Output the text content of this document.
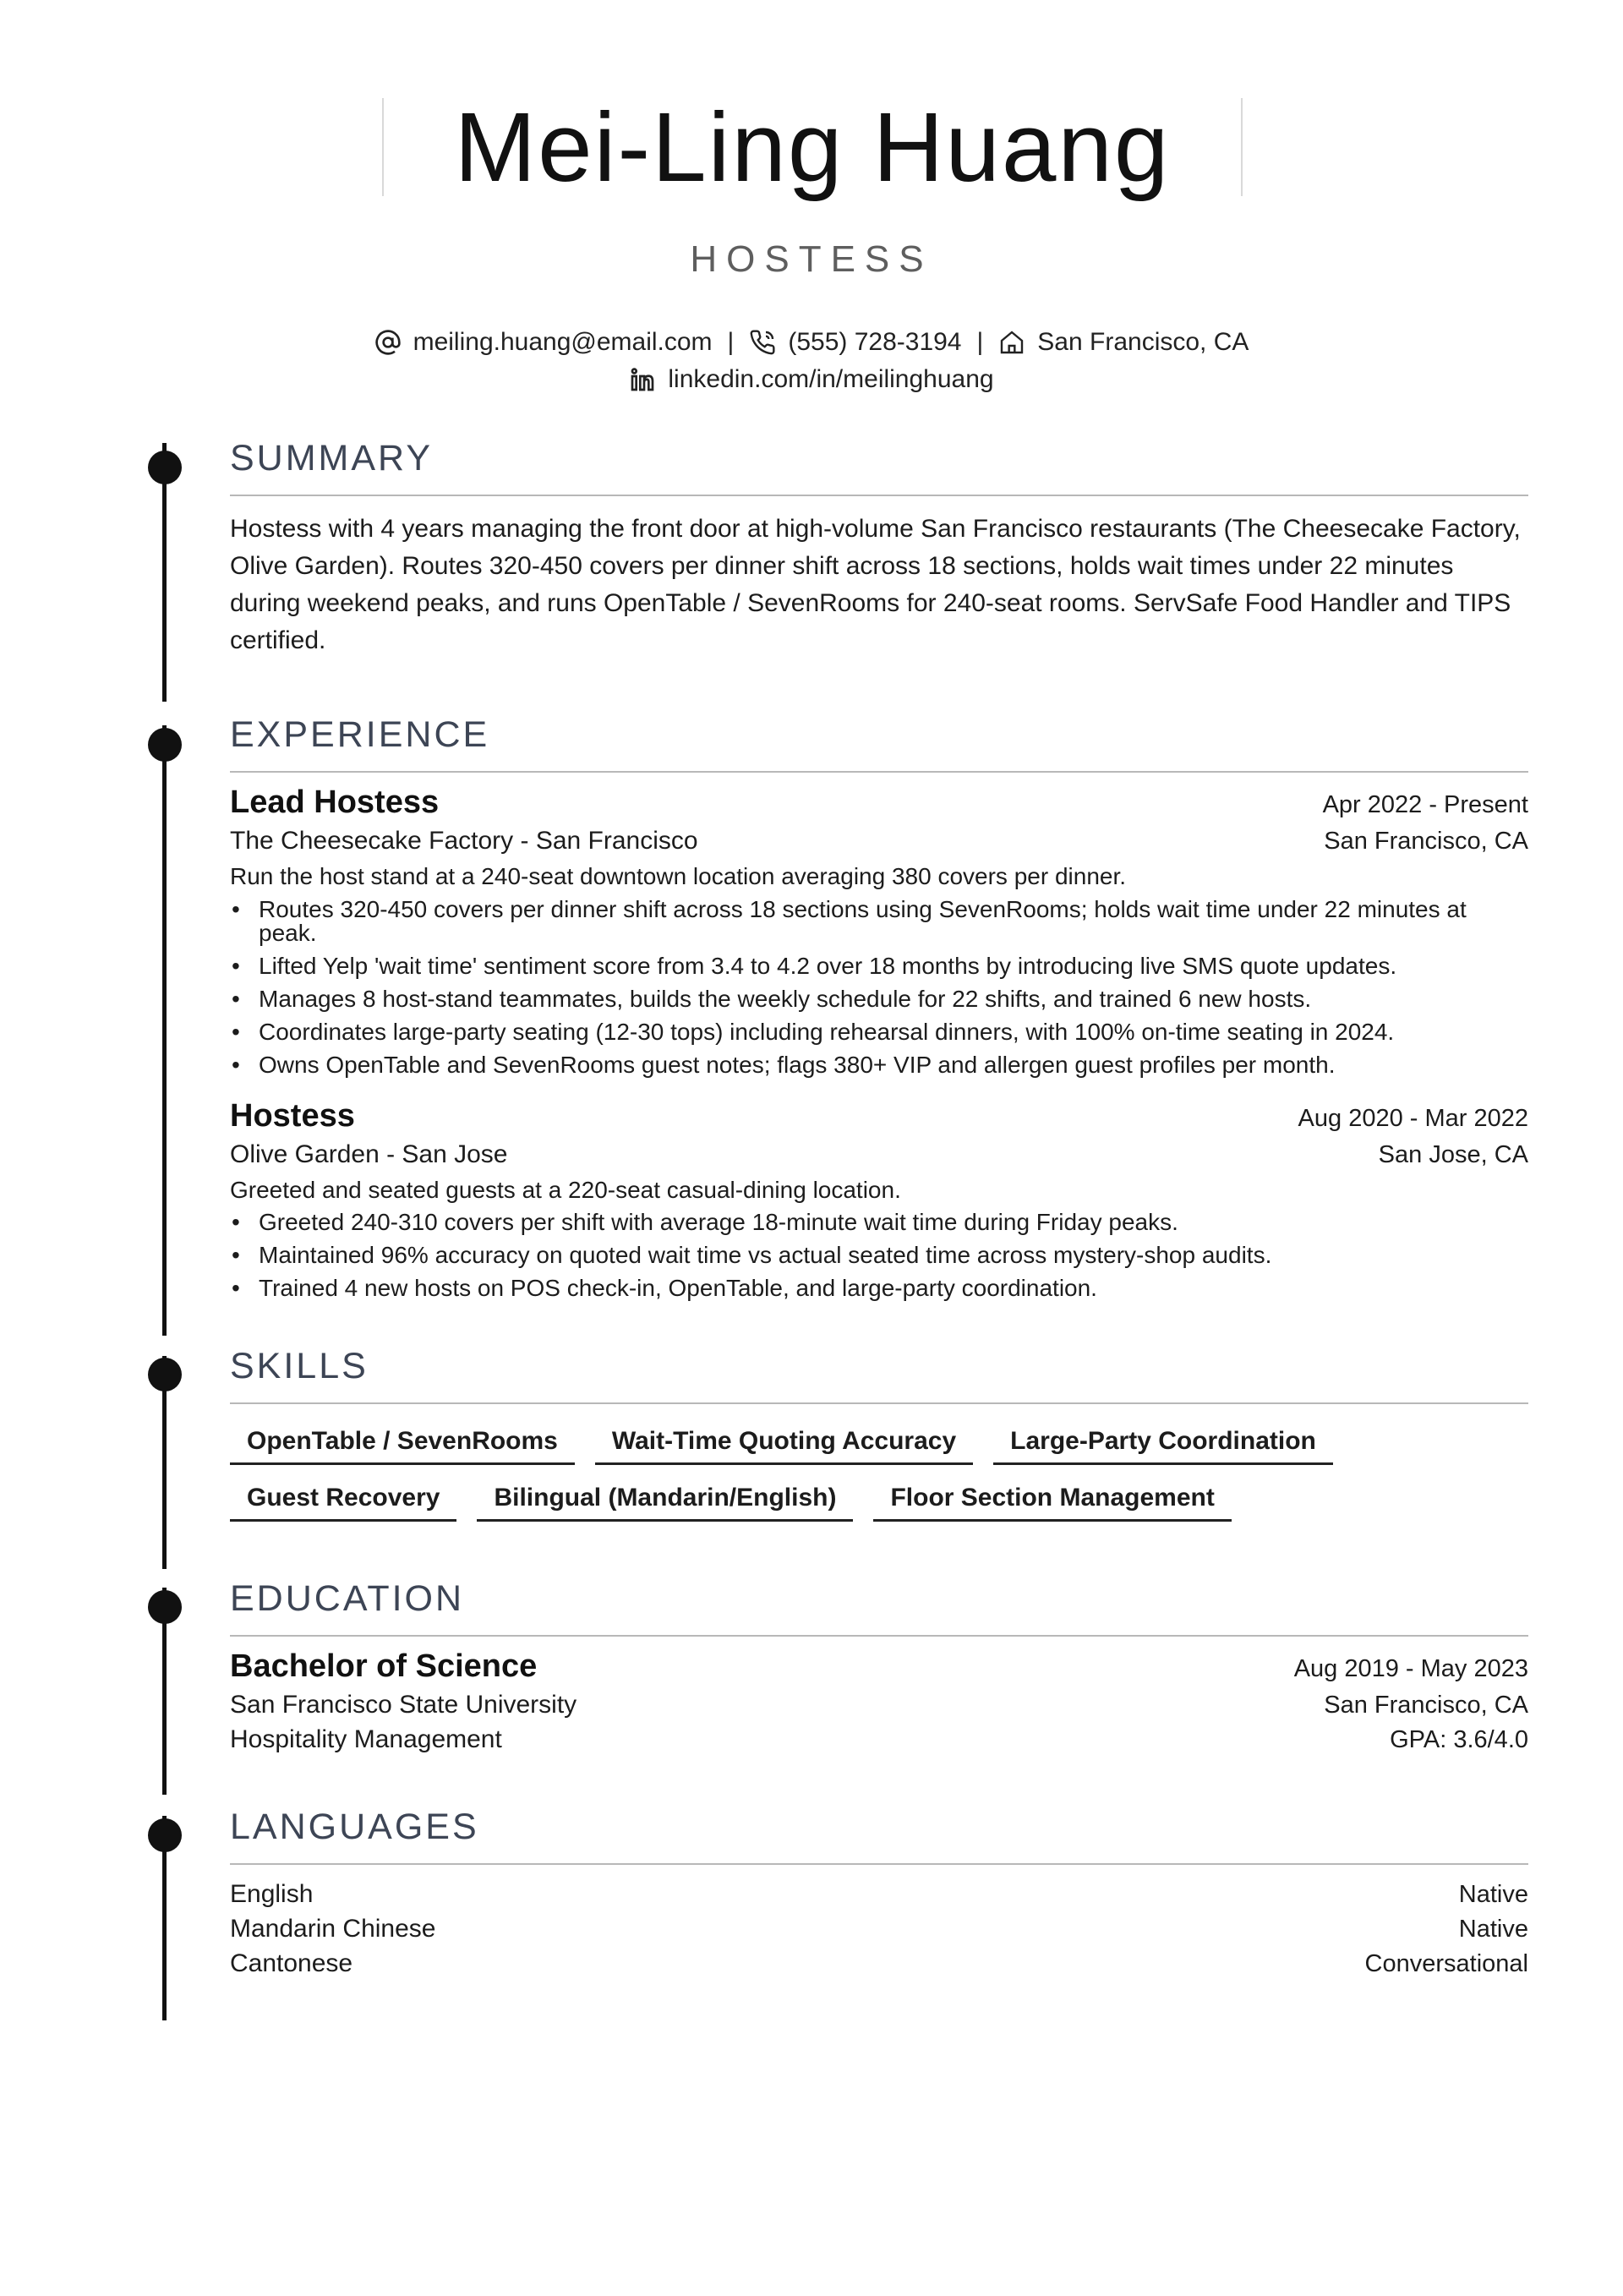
Mei-Ling Huang
HOSTESS
meiling.huang@email.com | (555) 728-3194 | San Francisco, CA
linkedin.com/in/meilinghuang
SUMMARY
Hostess with 4 years managing the front door at high-volume San Francisco restaurants (The Cheesecake Factory, Olive Garden). Routes 320-450 covers per dinner shift across 18 sections, holds wait times under 22 minutes during weekend peaks, and runs OpenTable / SevenRooms for 240-seat rooms. ServSafe Food Handler and TIPS certified.
EXPERIENCE
Lead Hostess	Apr 2022 - Present
The Cheesecake Factory - San Francisco	San Francisco, CA
Run the host stand at a 240-seat downtown location averaging 380 covers per dinner.
• Routes 320-450 covers per dinner shift across 18 sections using SevenRooms; holds wait time under 22 minutes at peak.
• Lifted Yelp 'wait time' sentiment score from 3.4 to 4.2 over 18 months by introducing live SMS quote updates.
• Manages 8 host-stand teammates, builds the weekly schedule for 22 shifts, and trained 6 new hosts.
• Coordinates large-party seating (12-30 tops) including rehearsal dinners, with 100% on-time seating in 2024.
• Owns OpenTable and SevenRooms guest notes; flags 380+ VIP and allergen guest profiles per month.
Hostess	Aug 2020 - Mar 2022
Olive Garden - San Jose	San Jose, CA
Greeted and seated guests at a 220-seat casual-dining location.
• Greeted 240-310 covers per shift with average 18-minute wait time during Friday peaks.
• Maintained 96% accuracy on quoted wait time vs actual seated time across mystery-shop audits.
• Trained 4 new hosts on POS check-in, OpenTable, and large-party coordination.
SKILLS
OpenTable / SevenRooms	Wait-Time Quoting Accuracy	Large-Party Coordination
Guest Recovery	Bilingual (Mandarin/English)	Floor Section Management
EDUCATION
Bachelor of Science	Aug 2019 - May 2023
San Francisco State University	San Francisco, CA
Hospitality Management	GPA: 3.6/4.0
LANGUAGES
English	Native
Mandarin Chinese	Native
Cantonese	Conversational
